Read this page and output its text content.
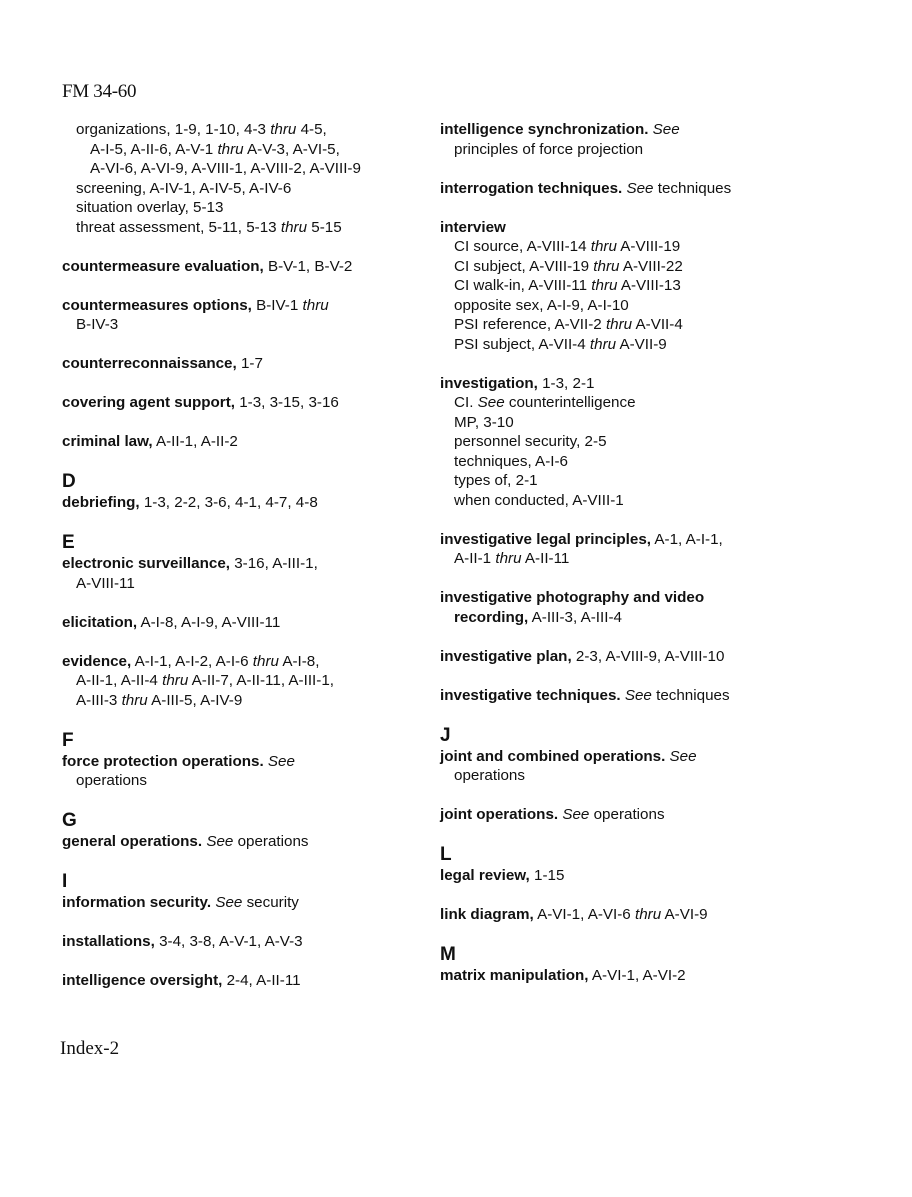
FM 34-60
organizations, 1-9, 1-10, 4-3 thru 4-5,
A-I-5, A-II-6, A-V-1 thru A-V-3, A-VI-5,
A-VI-6, A-VI-9, A-VIII-1, A-VIII-2, A-VIII-9
screening, A-IV-1, A-IV-5, A-IV-6
situation overlay, 5-13
threat assessment, 5-11, 5-13 thru 5-15
countermeasure evaluation, B-V-1, B-V-2
countermeasures options, B-IV-1 thru
B-IV-3
counterreconnaissance, 1-7
covering agent support, 1-3, 3-15, 3-16
criminal law, A-II-1, A-II-2
D
debriefing, 1-3, 2-2, 3-6, 4-1, 4-7, 4-8
E
electronic surveillance, 3-16, A-III-1,
A-VIII-11
elicitation, A-I-8, A-I-9, A-VIII-11
evidence, A-I-1, A-I-2, A-I-6 thru A-I-8,
A-II-1, A-II-4 thru A-II-7, A-II-11, A-III-1,
A-III-3 thru A-III-5, A-IV-9
F
force protection operations. See
operations
G
general operations. See operations
I
information security. See security
installations, 3-4, 3-8, A-V-1, A-V-3
intelligence oversight, 2-4, A-II-11
intelligence synchronization. See
principles of force projection
interrogation techniques. See techniques
interview
CI source, A-VIII-14 thru A-VIII-19
CI subject, A-VIII-19 thru A-VIII-22
CI walk-in, A-VIII-11 thru A-VIII-13
opposite sex, A-I-9, A-I-10
PSI reference, A-VII-2 thru A-VII-4
PSI subject, A-VII-4 thru A-VII-9
investigation, 1-3, 2-1
CI. See counterintelligence
MP, 3-10
personnel security, 2-5
techniques, A-I-6
types of, 2-1
when conducted, A-VIII-1
investigative legal principles, A-1, A-I-1,
A-II-1 thru A-II-11
investigative photography and video
recording, A-III-3, A-III-4
investigative plan, 2-3, A-VIII-9, A-VIII-10
investigative techniques. See techniques
J
joint and combined operations. See
operations
joint operations. See operations
L
legal review, 1-15
link diagram, A-VI-1, A-VI-6 thru A-VI-9
M
matrix manipulation, A-VI-1, A-VI-2
Index-2
